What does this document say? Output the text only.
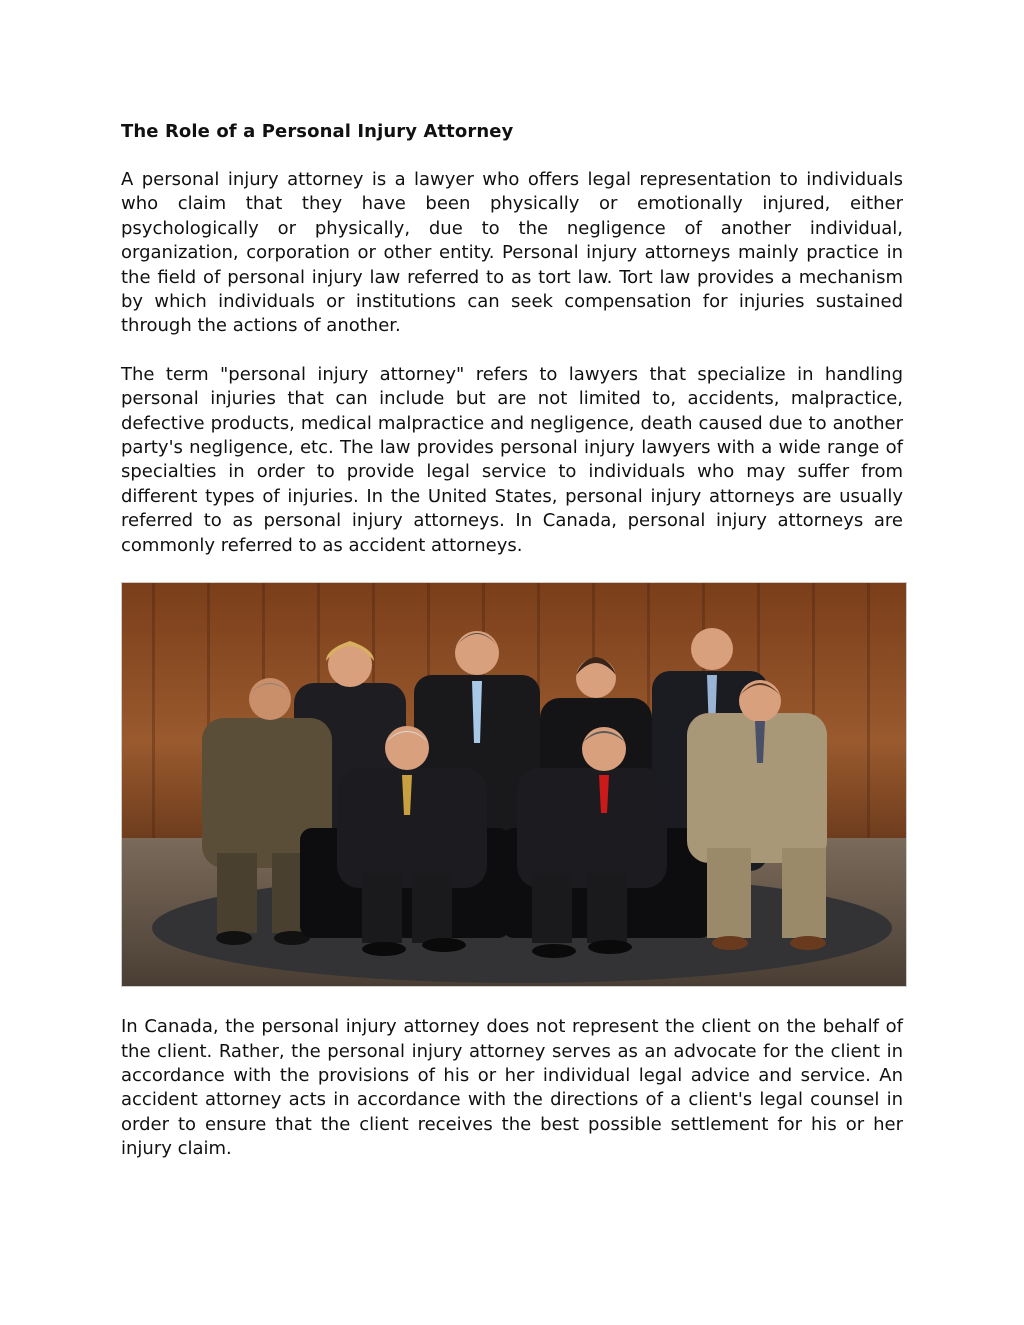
The Role of a Personal Injury Attorney

A personal injury attorney is a lawyer who offers legal representation to individuals who claim that they have been physically or emotionally injured, either psychologically or physically, due to the negligence of another individual, organization, corporation or other entity. Personal injury attorneys mainly practice in the field of personal injury law referred to as tort law. Tort law provides a mechanism by which individuals or institutions can seek compensation for injuries sustained through the actions of another.

The term "personal injury attorney" refers to lawyers that specialize in handling personal injuries that can include but are not limited to, accidents, malpractice, defective products, medical malpractice and negligence, death caused due to another party's negligence, etc. The law provides personal injury lawyers with a wide range of specialties in order to provide legal service to individuals who may suffer from different types of injuries. In the United States, personal injury attorneys are usually referred to as personal injury attorneys. In Canada, personal injury attorneys are commonly referred to as accident attorneys.

In Canada, the personal injury attorney does not represent the client on the behalf of the client. Rather, the personal injury attorney serves as an advocate for the client in accordance with the provisions of his or her individual legal advice and service. An accident attorney acts in accordance with the directions of a client's legal counsel in order to ensure that the client receives the best possible settlement for his or her injury claim.
